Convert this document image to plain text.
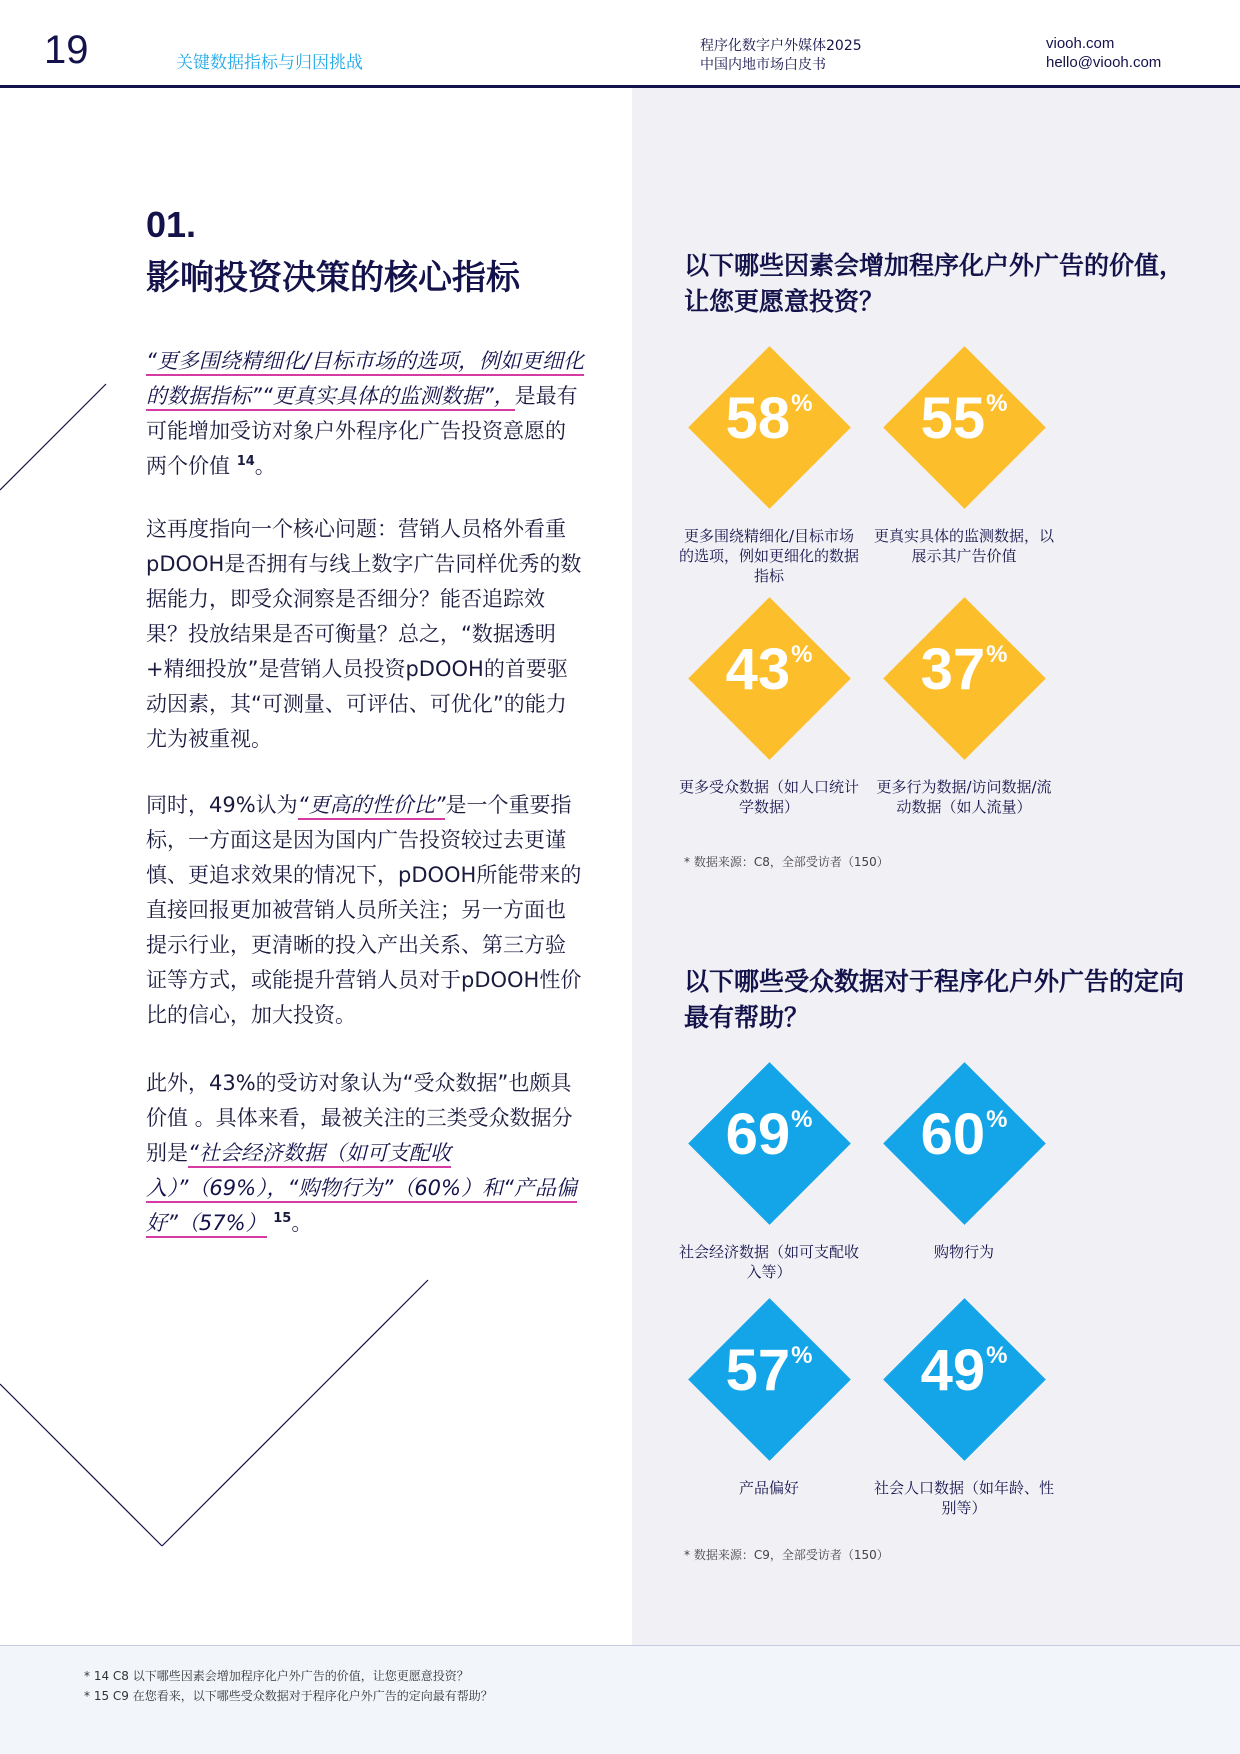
19	关键数据指标与归因挑战
程序化数字户外媒体2025
中国内地市场白皮书
viooh.com
hello@viooh.com
01.
影响投资决策的核心指标
“更多围绕精细化/目标市场的选项，例如更细化的数据指标”“更真实具体的监测数据”，是最有可能增加受访对象户外程序化广告投资意愿的两个价值 $^{14}$。
这再度指向一个核心问题：营销人员格外看重pDOOH是否拥有与线上数字广告同样优秀的数据能力，即受众洞察是否细分？能否追踪效果？投放结果是否可衡量？总之，“数据透明+精细投放”是营销人员投资pDOOH的首要驱动因素，其“可测量、可评估、可优化”的能力尤为被重视。
同时，49%认为“更高的性价比”是一个重要指标，一方面这是因为国内广告投资较过去更谨慎、更追求效果的情况下，pDOOH所能带来的直接回报更加被营销人员所关注；另一方面也提示行业，更清晰的投入产出关系、第三方验证等方式，或能提升营销人员对于pDOOH性价比的信心，加大投资。
此外，43%的受访对象认为“受众数据”也颇具价值 。具体来看，最被关注的三类受众数据分别是“社会经济数据（如可支配收入）”（69%），“购物行为”（60%）和“产品偏好”（57%） $^{15}$。
以下哪些因素会增加程序化户外广告的价值，让您更愿意投资？
58%
更多围绕精细化/目标市场的选项，例如更细化的数据指标
55%
更真实具体的监测数据，以展示其广告价值
43%
更多受众数据（如人口统计学数据）
37%
更多行为数据/访问数据/流动数据（如人流量）
* 数据来源：C8，全部受访者（150）
以下哪些受众数据对于程序化户外广告的定向最有帮助？
69%
社会经济数据（如可支配收入等）
60%
购物行为
57%
产品偏好
49%
社会人口数据（如年龄、性别等）
* 数据来源：C9，全部受访者（150）
* 14 C8 以下哪些因素会增加程序化户外广告的价值，让您更愿意投资？
* 15 C9 在您看来，以下哪些受众数据对于程序化户外广告的定向最有帮助？
